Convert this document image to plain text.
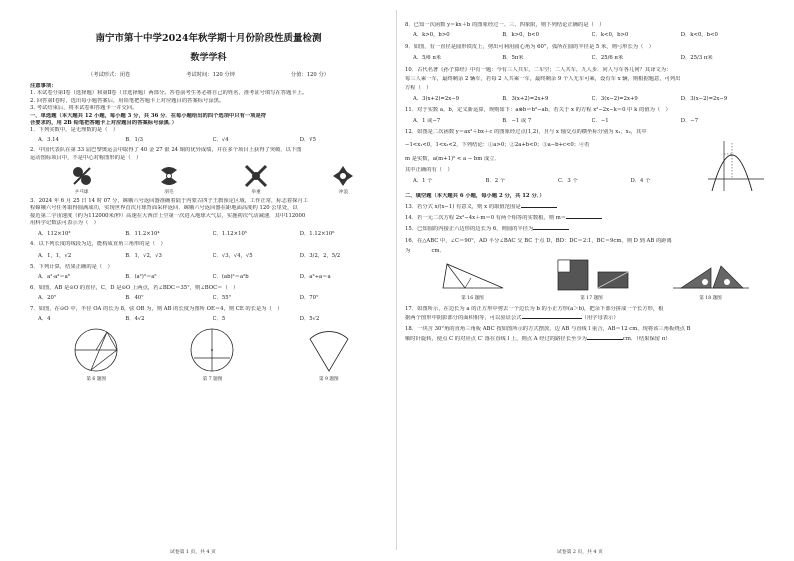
南宁市第十中学2024年秋学期十月份阶段性质量检测
数学学科
（考试形式：闭卷	考试时间：120 分钟	分值：120 分）
注意事项：
1. 本试卷分第Ⅰ卷（选择题）和第Ⅱ卷（非选择题）两部分。答卷前考生务必将自己的姓名、准考证号填写在答题卡上。
2. 回答第Ⅰ卷时，选出每小题答案后，用铅笔把答题卡上对应题目的答案标号涂黑。
3. 考试结束后，将本试卷和答题卡一并交回。
一、单选题（本大题共 12 小题，每小题 3 分，共 36 分．在每小题给出的四个选项中只有一项是符
合要求的，用 2B 铅笔把答题卡上对应题目的答案标号涂黑．）
1．下列实数中，是无理数的是（　）
A．3.14	B．1/3	C．√4	D．∛5
2．中国代表队在第 33 届巴黎奥运会中取得了 40 金 27 银 24 铜的优异成绩，并在多个项目上获得了突破．以下图
运动图标项目中，不是中心对称图形的是（　）
乒乓球	羽毛	举重	冲浪
3．2024 年 6 月 25 日 14 时 07 分，嫦娥六号返回器准确着陆于内蒙古四子王旗预定区域，工作正常，标志着探月工
程嫦娥六号任务取得圆满成功，实现世界首次月球背面采样返回．嫦娥六号返回器在距地面高度约 120 公里处，以
接近第二宇宙速度（约为112000米/秒）高速在大西洋上空第一次进入地球大气层，实施初次气动减速．其中112000
用科学记数法可表示为（　）
A．112×10³	B．11.2×10⁴	C．1.12×10⁵	D．1.12×10⁶
4．以下列长度的线段为边，能构成直角三角形的是（　）
A．1，1，√2	B．1，√2，√3	C．√3，√4，√5	D．3/2，2，5/2
5．下列计算，结果正确的是（　）
A．a²·a³＝a⁶	B．(a²)³＝a⁵	C．(ab)²＝a²b	D．a²÷a＝a
6．如图，AB 是⊙O 的直径，C，D 是⊙O 上两点，若∠BDC＝35°，则∠BOC＝（　）
A．20°	B．40°	C．55°	D．70°
7．如图，在⊙O 中，半径 OA 的长为 8，弦 OB 为，则 AB 的长度为图所 OE＝4，则 CE 的长是为（　）
A．4	B．4√2	C．5	D．5√2
第 6 题图	第 7 题图	第 9 题图
试卷第 1 页，共 4 页
8．已知一次函数 y＝kx＋b 的图象经过一、三、四象限，则下列结论正确的是（　）
A．k>0，b>0	B．k>0，b<0	C．k<0，b>0	D．k<0，b<0
9．如图，有一直径是圆形铁皮上，剪出可利用圆心角为 60°，弧所在圆的半径是 5 米，则弓形长为（　）
A．5/6 π米	B．5π米	C．25/6 π米	D．25/3 π米
10．古代名著《孙子算经》中有一题：今有三人共车，二车空；二人共车，九人步．问人与车各几何？其译文为：
每三人乘一车，最终剩余 2 辆车，若每 2 人共乘一车，最终剩余 9 个人无车可乘，设有车 x 辆，则根据题意，可列出
方程（　）
A．3(x+2)=2x−9	B．3(x+2)=2x+9	C．3(x−2)=2x+9	D．3(x−2)=2x−9
11．对于实数 a，b，定义新运算，规则如下：a⊗b＝b²−ab，若关于 x 的方程 x²−2x−k＝0 中 k 的值为（　）
A．1 或−7	B．−1 或 7	C．−1	D．−7
12．如图是二次函数 y＝ax²＋bx＋c 的图象经过点(1,2)，且与 x 轴交点的横坐标分别为 x₁，x₂，其中
−1<x₁<0，1<x₂<2，下列结论：①a>0；②2a+b<0；③a−b+c<0；④若
m 是实数，a(m+1)² < a − bm 成立．
其中正确的有（　）
A．1 个	B．2 个	C．3 个	D．4 个
二、填空题（本大题共 6 小题，每小题 2 分，共 12 分．）
13．若分式 x/(x−1) 有意义，则 x 的取值范围是
14．若一元二次方程 2x²−4x＋m＝0 有两个相等的实数根，则 m＝
15．已知圆的内接正六边形的边长为 6，则圆的半径为
16．在△ABC 中，∠C＝90°，AD 平分∠BAC 交 BC 于点 D，BD：DC＝2:1，BC＝9cm，则 D 到 AB 的距离
为　　　　cm．
第 16 题图	第 17 题图	第 18 题图
17．如图所示，在边长为 a 的正方形中剪去一个边长为 b 的小正方形(a＞b)，把余下部分拼成一个长方形，根
据两个图形中阴影部分的面积相等，可以验证公式	（用字母表示）
18．一块含 30°角的直角三角板 ABC 按如图所示的方式摆放，边 AB 与直线 l 重合，AB＝12 cm，现将该三角板绕点 B
顺时针旋转，使点 C 的对应点 C′ 落在直线 l 上，则点 A 经过的路径长至少为	cm．（结果保留 π）
试卷第 2 页，共 4 页
